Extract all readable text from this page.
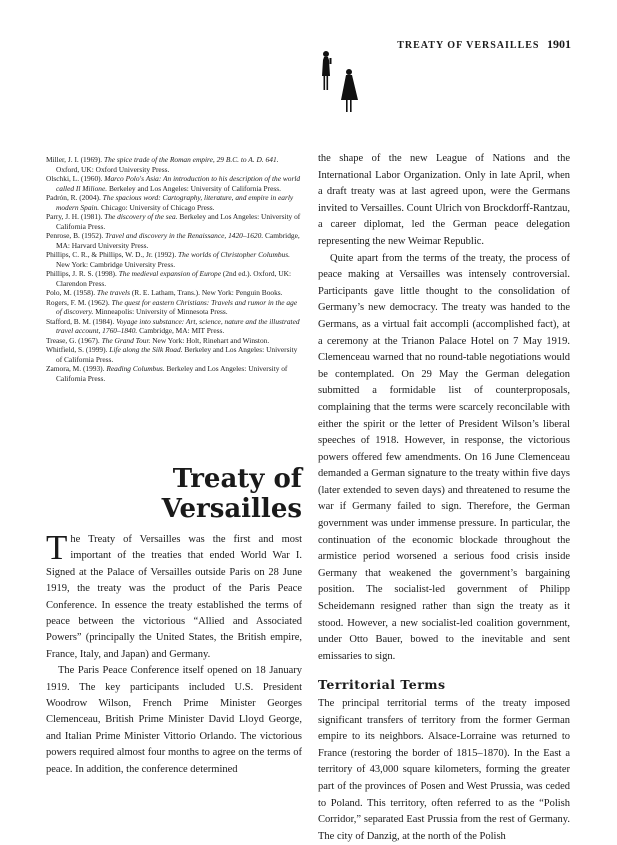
TREATY OF VERSAILLES 1901

Miller, J. I. (1969). The spice trade of the Roman empire, 29 B.C. to A. D. 641. Oxford, UK: Oxford University Press.

Olschki, L. (1960). Marco Polo's Asia: An introduction to his description of the world called Il Milione. Berkeley and Los Angeles: University of California Press.

Padrón, R. (2004). The spacious word: Cartography, literature, and empire in early modern Spain. Chicago: University of Chicago Press.

Parry, J. H. (1981). The discovery of the sea. Berkeley and Los Angeles: University of California Press.

Penrose, B. (1952). Travel and discovery in the Renaissance, 1420–1620. Cambridge, MA: Harvard University Press.

Phillips, C. R., & Phillips, W. D., Jr. (1992). The worlds of Christopher Columbus. New York: Cambridge University Press.

Phillips, J. R. S. (1998). The medieval expansion of Europe (2nd ed.). Oxford, UK: Clarendon Press.

Polo, M. (1958). The travels (R. E. Latham, Trans.). New York: Penguin Books.

Rogers, F. M. (1962). The quest for eastern Christians: Travels and rumor in the age of discovery. Minneapolis: University of Minnesota Press.

Stafford, B. M. (1984). Voyage into substance: Art, science, nature and the illustrated travel account, 1760–1840. Cambridge, MA: MIT Press.

Trease, G. (1967). The Grand Tour. New York: Holt, Rinehart and Winston.

Whitfield, S. (1999). Life along the Silk Road. Berkeley and Los Angeles: University of California Press.

Zamora, M. (1993). Reading Columbus. Berkeley and Los Angeles: University of California Press.

Treaty of
Versailles

The Treaty of Versailles was the first and most important of the treaties that ended World War I. Signed at the Palace of Versailles outside Paris on 28 June 1919, the treaty was the product of the Paris Peace Conference. In essence the treaty established the terms of peace between the victorious “Allied and Associated Powers” (principally the United States, the British empire, France, Italy, and Japan) and Germany.

The Paris Peace Conference itself opened on 18 January 1919. The key participants included U.S. President Woodrow Wilson, French Prime Minister Georges Clemenceau, British Prime Minister David Lloyd George, and Italian Prime Minister Vittorio Orlando. The victorious powers required almost four months to agree on the terms of peace. In addition, the conference determined

the shape of the new League of Nations and the International Labor Organization. Only in late April, when a draft treaty was at last agreed upon, were the Germans invited to Versailles. Count Ulrich von Brockdorff-Rantzau, a career diplomat, led the German peace delegation representing the new Weimar Republic.

Quite apart from the terms of the treaty, the process of peace making at Versailles was intensely controversial. Participants gave little thought to the consolidation of Germany’s new democracy. The treaty was handed to the Germans, as a virtual fait accompli (accomplished fact), at a ceremony at the Trianon Palace Hotel on 7 May 1919. Clemenceau warned that no round-table negotiations would be contemplated. On 29 May the German delegation submitted a formidable list of counterproposals, complaining that the terms were scarcely reconcilable with either the spirit or the letter of President Wilson’s liberal speeches of 1918. However, in response, the victorious powers offered few amendments. On 16 June Clemenceau demanded a German signature to the treaty within five days (later extended to seven days) and threatened to resume the war if Germany failed to sign. Therefore, the German government was under immense pressure. In particular, the continuation of the economic blockade throughout the armistice period worsened a serious food crisis inside Germany that weakened the government’s bargaining position. The socialist-led government of Philipp Scheidemann resigned rather than sign the treaty as it stood. However, a new socialist-led coalition government, under Otto Bauer, bowed to the inevitable and sent emissaries to sign.

Territorial Terms

The principal territorial terms of the treaty imposed significant transfers of territory from the former German empire to its neighbors. Alsace-Lorraine was returned to France (restoring the border of 1815–1870). In the East a territory of 43,000 square kilometers, forming the greater part of the provinces of Posen and West Prussia, was ceded to Poland. This territory, often referred to as the “Polish Corridor,” separated East Prussia from the rest of Germany. The city of Danzig, at the north of the Polish
